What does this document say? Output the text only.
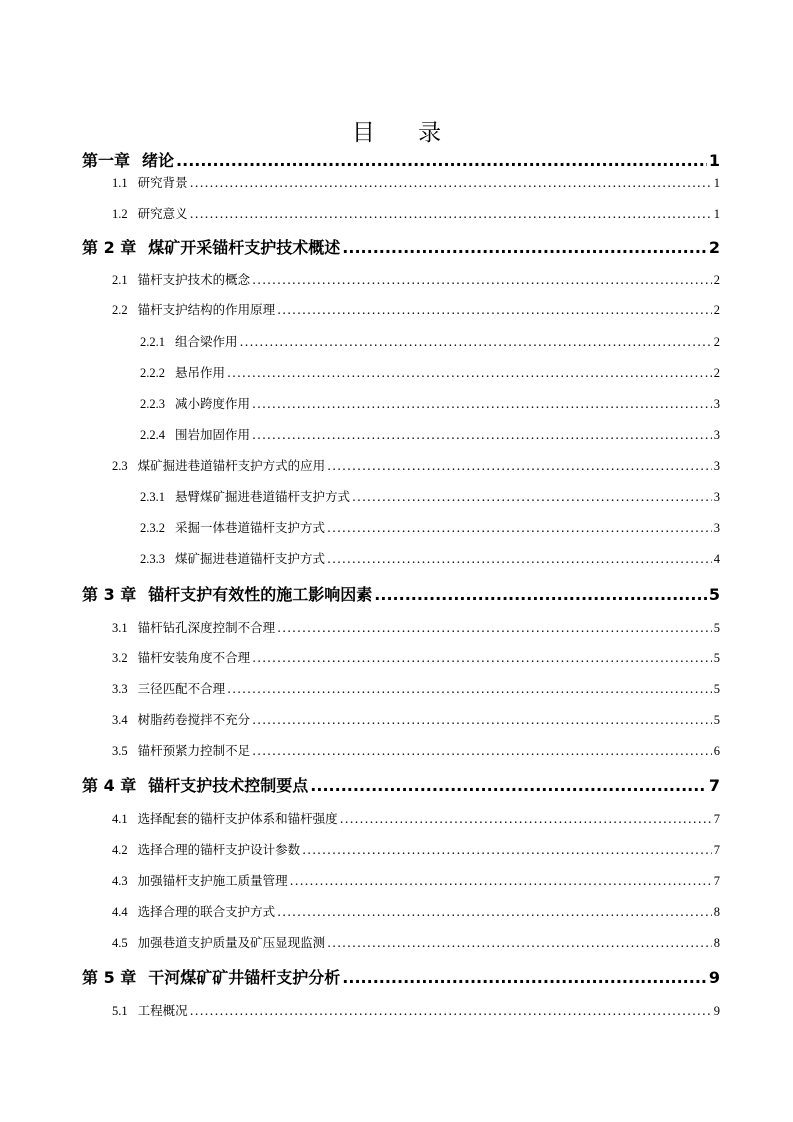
目 录
第一章 绪论 .....	1
1.1 研究背景 .....	1
1.2 研究意义 .....	1
第 2 章 煤矿开采锚杆支护技术概述 .....	2
2.1 锚杆支护技术的概念 .....	2
2.2 锚杆支护结构的作用原理 .....	2
2.2.1 组合梁作用 .....	2
2.2.2 悬吊作用 .....	2
2.2.3 减小跨度作用 .....	3
2.2.4 围岩加固作用 .....	3
2.3 煤矿掘进巷道锚杆支护方式的应用 .....	3
2.3.1 悬臂煤矿掘进巷道锚杆支护方式 .....	3
2.3.2 采掘一体巷道锚杆支护方式 .....	3
2.3.3 煤矿掘进巷道锚杆支护方式 .....	4
第 3 章 锚杆支护有效性的施工影响因素 .....	5
3.1 锚杆钻孔深度控制不合理 .....	5
3.2 锚杆安装角度不合理 .....	5
3.3 三径匹配不合理 .....	5
3.4 树脂药卷搅拌不充分 .....	5
3.5 锚杆预紧力控制不足 .....	6
第 4 章 锚杆支护技术控制要点 .....	7
4.1 选择配套的锚杆支护体系和锚杆强度 .....	7
4.2 选择合理的锚杆支护设计参数 .....	7
4.3 加强锚杆支护施工质量管理 .....	7
4.4 选择合理的联合支护方式 .....	8
4.5 加强巷道支护质量及矿压显现监测 .....	8
第 5 章 干河煤矿矿井锚杆支护分析 .....	9
5.1 工程概况 .....	9
